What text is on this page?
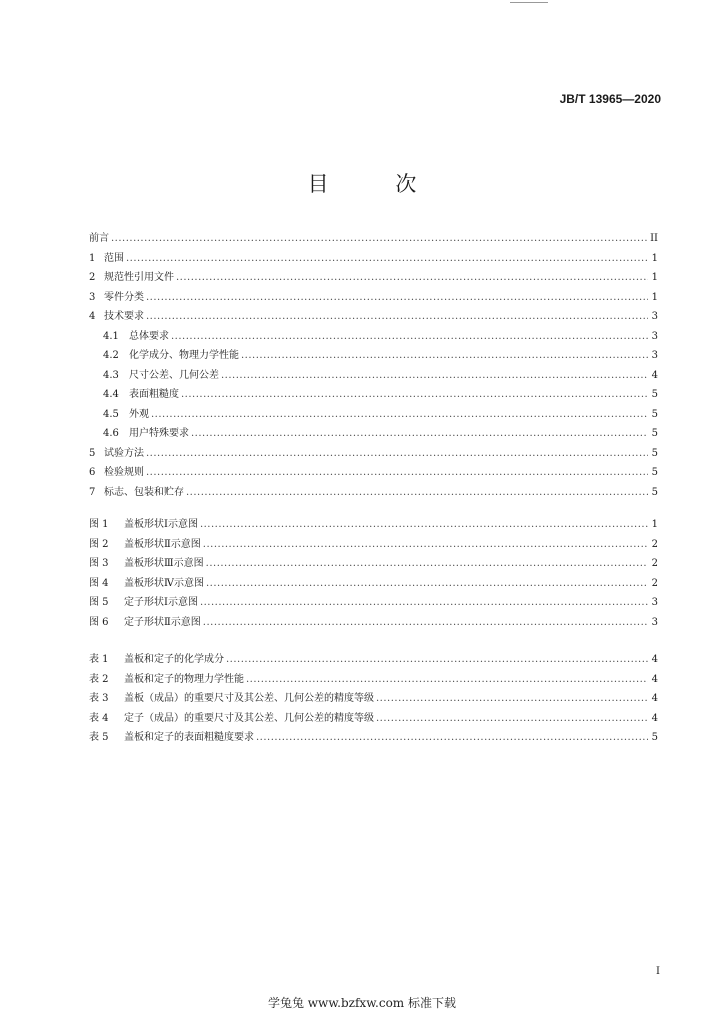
JB/T 13965—2020
目 次
前言 .....	II
1 范围 .....	1
2 规范性引用文件 .....	1
3 零件分类 .....	1
4 技术要求 .....	3
4.1	总体要求 .....	3
4.2	化学成分、物理力学性能 .....	3
4.3	尺寸公差、几何公差 .....	4
4.4	表面粗糙度 .....	5
4.5	外观 .....	5
4.6	用户特殊要求 .....	5
5 试验方法 .....	5
6 检验规则 .....	5
7 标志、包装和贮存 .....	5
图 1	盖板形状Ⅰ示意图 .....	1
图 2	盖板形状Ⅱ示意图 .....	2
图 3	盖板形状Ⅲ示意图 .....	2
图 4	盖板形状Ⅳ示意图 .....	2
图 5	定子形状Ⅰ示意图 .....	3
图 6	定子形状Ⅱ示意图 .....	3
表 1	盖板和定子的化学成分 .....	4
表 2	盖板和定子的物理力学性能 .....	4
表 3	盖板（成品）的重要尺寸及其公差、几何公差的精度等级 .....	4
表 4	定子（成品）的重要尺寸及其公差、几何公差的精度等级 .....	4
表 5	盖板和定子的表面粗糙度要求 .....	5
I
学兔兔 www.bzfxw.com 标准下载
